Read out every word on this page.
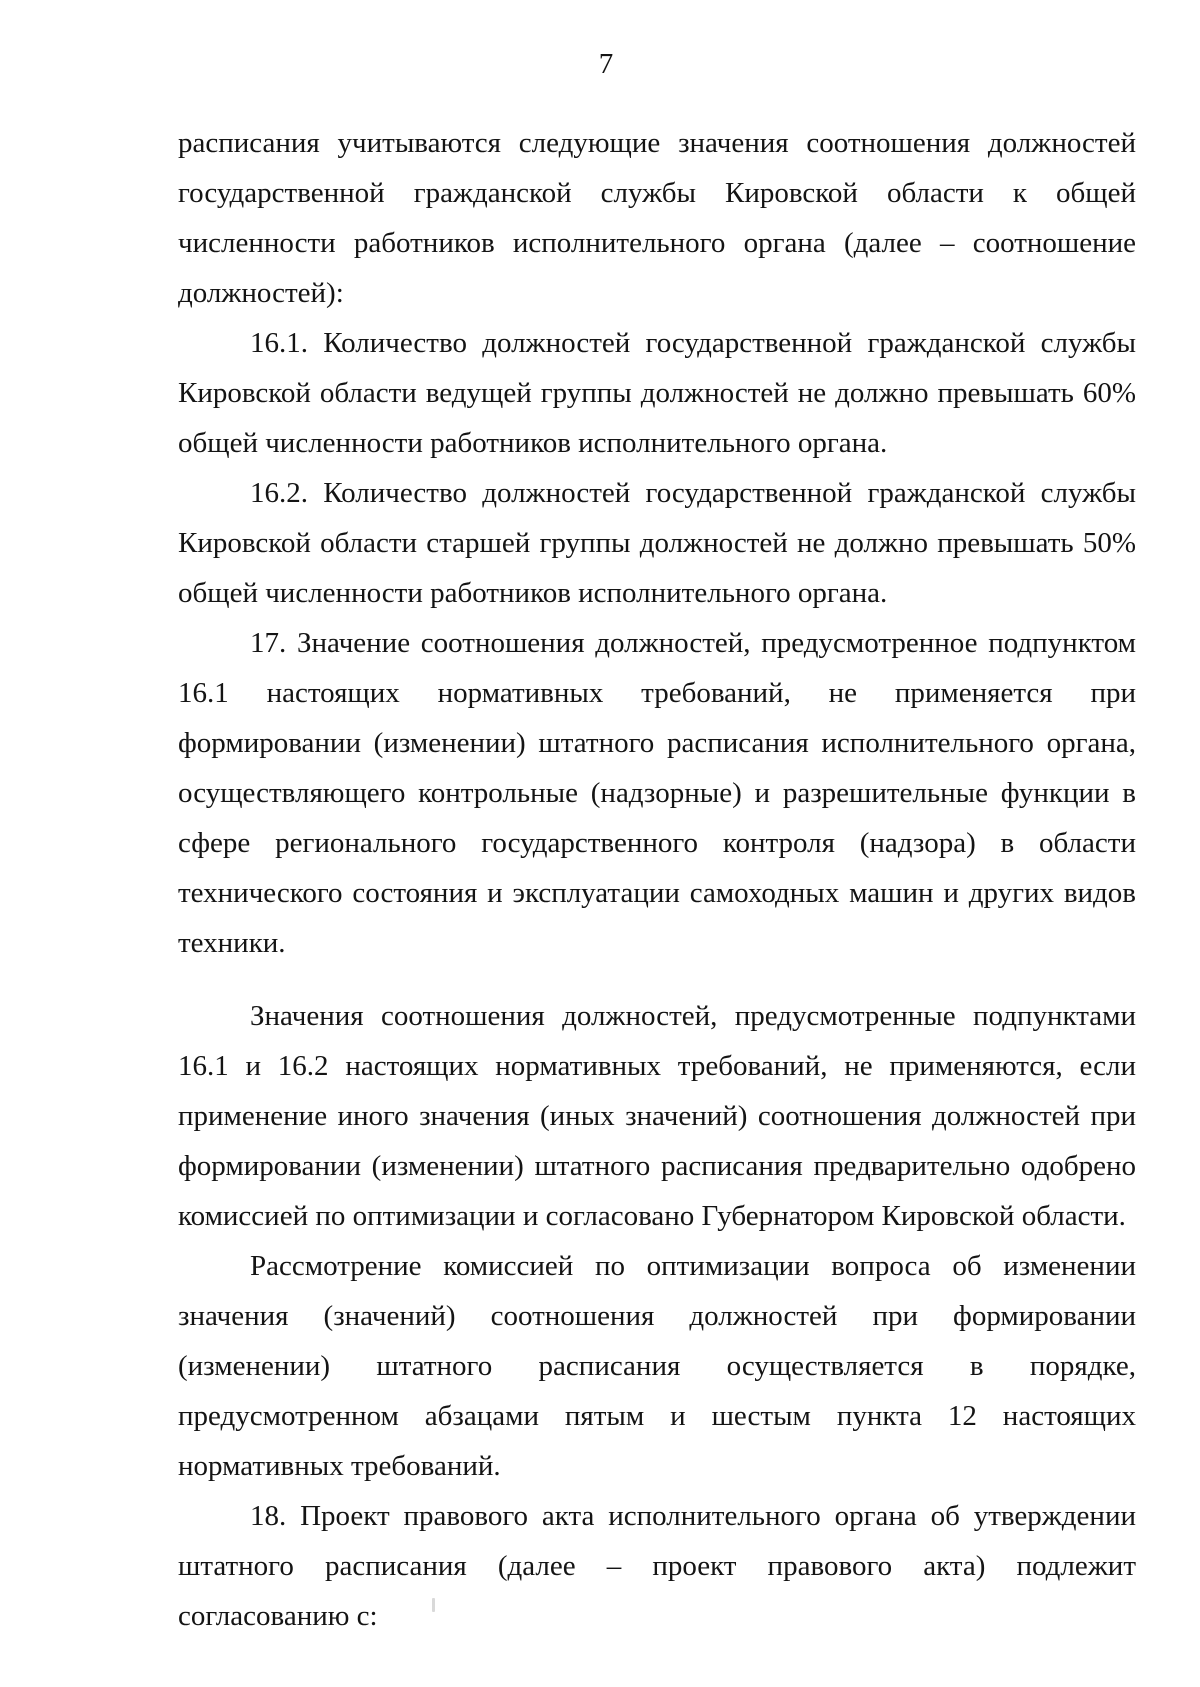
7

расписания учитываются следующие значения соотношения должностей государственной гражданской службы Кировской области к общей численности работников исполнительного органа (далее – соотношение должностей):

16.1. Количество должностей государственной гражданской службы Кировской области ведущей группы должностей не должно превышать 60% общей численности работников исполнительного органа.

16.2. Количество должностей государственной гражданской службы Кировской области старшей группы должностей не должно превышать 50% общей численности работников исполнительного органа.

17. Значение соотношения должностей, предусмотренное подпунктом 16.1 настоящих нормативных требований, не применяется при формировании (изменении) штатного расписания исполнительного органа, осуществляющего контрольные (надзорные) и разрешительные функции в сфере регионального государственного контроля (надзора) в области технического состояния и эксплуатации самоходных машин и других видов техники.

Значения соотношения должностей, предусмотренные подпунктами 16.1 и 16.2 настоящих нормативных требований, не применяются, если применение иного значения (иных значений) соотношения должностей при формировании (изменении) штатного расписания предварительно одобрено комиссией по оптимизации и согласовано Губернатором Кировской области.

Рассмотрение комиссией по оптимизации вопроса об изменении значения (значений) соотношения должностей при формировании (изменении) штатного расписания осуществляется в порядке, предусмотренном абзацами пятым и шестым пункта 12 настоящих нормативных требований.

18. Проект правового акта исполнительного органа об утверждении штатного расписания (далее – проект правового акта) подлежит согласованию с:
